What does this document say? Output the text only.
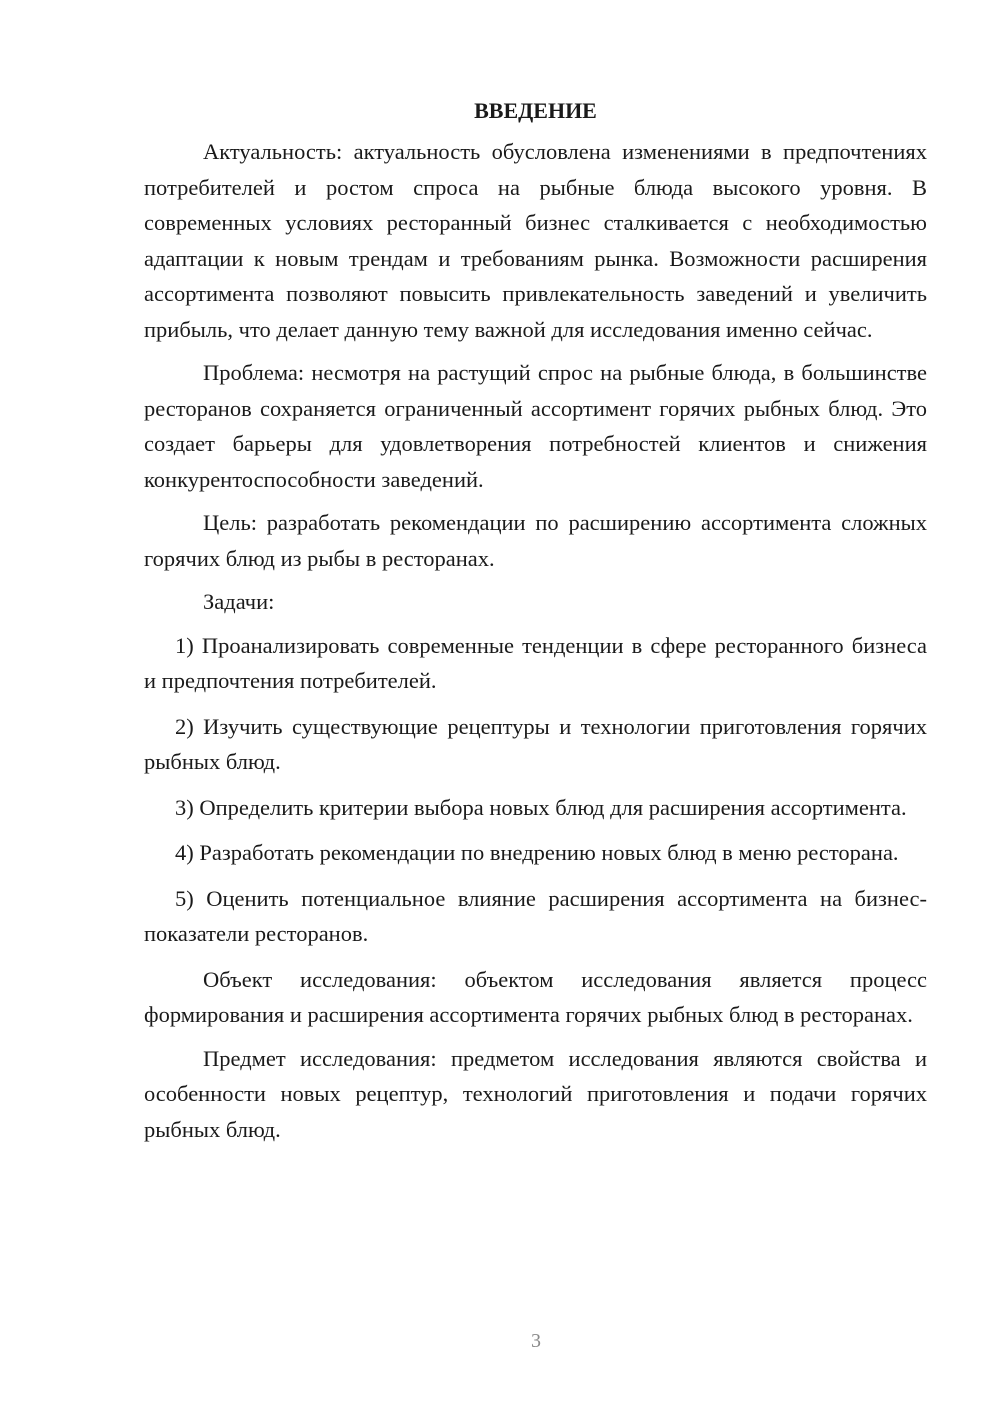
ВВЕДЕНИЕ

Актуальность: актуальность обусловлена изменениями в предпочтениях потребителей и ростом спроса на рыбные блюда высокого уровня. В современных условиях ресторанный бизнес сталкивается с необходимостью адаптации к новым трендам и требованиям рынка. Возможности расширения ассортимента позволяют повысить привлекательность заведений и увеличить прибыль, что делает данную тему важной для исследования именно сейчас.

Проблема: несмотря на растущий спрос на рыбные блюда, в большинстве ресторанов сохраняется ограниченный ассортимент горячих рыбных блюд. Это создает барьеры для удовлетворения потребностей клиентов и снижения конкурентоспособности заведений.

Цель: разработать рекомендации по расширению ассортимента сложных горячих блюд из рыбы в ресторанах.

Задачи:

1) Проанализировать современные тенденции в сфере ресторанного бизнеса и предпочтения потребителей.

2) Изучить существующие рецептуры и технологии приготовления горячих рыбных блюд.

3) Определить критерии выбора новых блюд для расширения ассортимента.

4) Разработать рекомендации по внедрению новых блюд в меню ресторана.

5) Оценить потенциальное влияние расширения ассортимента на бизнес-показатели ресторанов.

Объект исследования: объектом исследования является процесс формирования и расширения ассортимента горячих рыбных блюд в ресторанах.

Предмет исследования: предметом исследования являются свойства и особенности новых рецептур, технологий приготовления и подачи горячих рыбных блюд.

3
